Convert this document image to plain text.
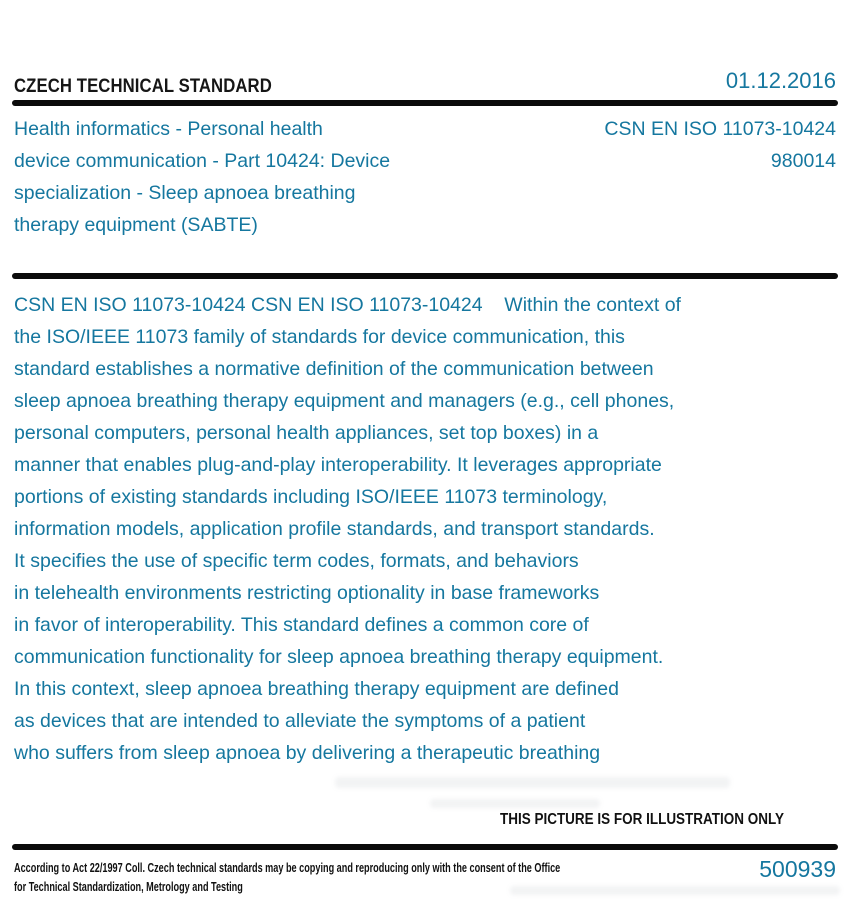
CZECH TECHNICAL STANDARD	01.12.2016
Health informatics - Personal health
device communication - Part 10424: Device
specialization - Sleep apnoea breathing
therapy equipment (SABTE)
CSN EN ISO 11073-10424
980014
CSN EN ISO 11073-10424 CSN EN ISO 11073-10424    Within the context of
the ISO/IEEE 11073 family of standards for device communication, this
standard establishes a normative definition of the communication between
sleep apnoea breathing therapy equipment and managers (e.g., cell phones,
personal computers, personal health appliances, set top boxes) in a
manner that enables plug-and-play interoperability. It leverages appropriate
portions of existing standards including ISO/IEEE 11073 terminology,
information models, application profile standards, and transport standards.
It specifies the use of specific term codes, formats, and behaviors
in telehealth environments restricting optionality in base frameworks
in favor of interoperability. This standard defines a common core of
communication functionality for sleep apnoea breathing therapy equipment.
In this context, sleep apnoea breathing therapy equipment are defined
as devices that are intended to alleviate the symptoms of a patient
who suffers from sleep apnoea by delivering a therapeutic breathing
THIS PICTURE IS FOR ILLUSTRATION ONLY
According to Act 22/1997 Coll. Czech technical standards may be copying and reproducing only with the consent of the Office
for Technical Standardization, Metrology and Testing
500939
